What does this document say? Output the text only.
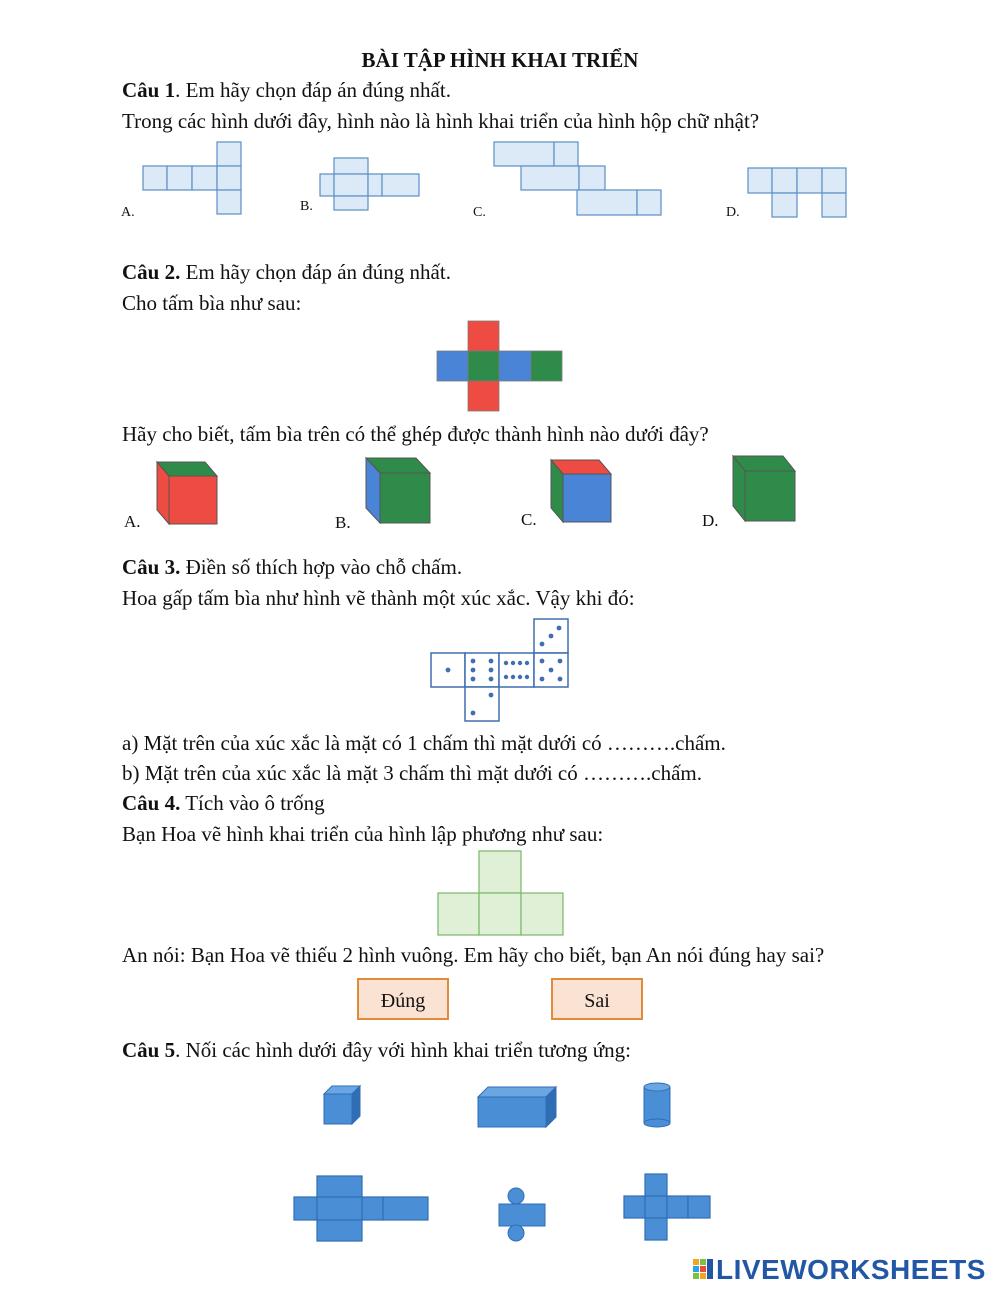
BÀI TẬP HÌNH KHAI TRIỂN
Câu 1. Em hãy chọn đáp án đúng nhất.
Trong các hình dưới đây, hình nào là hình khai triển của hình hộp chữ nhật?
A.	B.	C.	D.
Câu 2. Em hãy chọn đáp án đúng nhất.
Cho tấm bìa như sau:
Hãy cho biết, tấm bìa trên có thể ghép được thành hình nào dưới đây?
A.	B.	C.	D.
Câu 3. Điền số thích hợp vào chỗ chấm.
Hoa gấp tấm bìa như hình vẽ thành một xúc xắc. Vậy khi đó:
a) Mặt trên của xúc xắc là mặt có 1 chấm thì mặt dưới có ……….chấm.
b) Mặt trên của xúc xắc là mặt 3 chấm thì mặt dưới có ……….chấm.
Câu 4. Tích vào ô trống
Bạn Hoa vẽ hình khai triển của hình lập phương như sau:
An nói: Bạn Hoa vẽ thiếu 2 hình vuông. Em hãy cho biết, bạn An nói đúng hay sai?
Đúng	Sai
Câu 5. Nối các hình dưới đây với hình khai triển tương ứng:
LIVEWORKSHEETS
